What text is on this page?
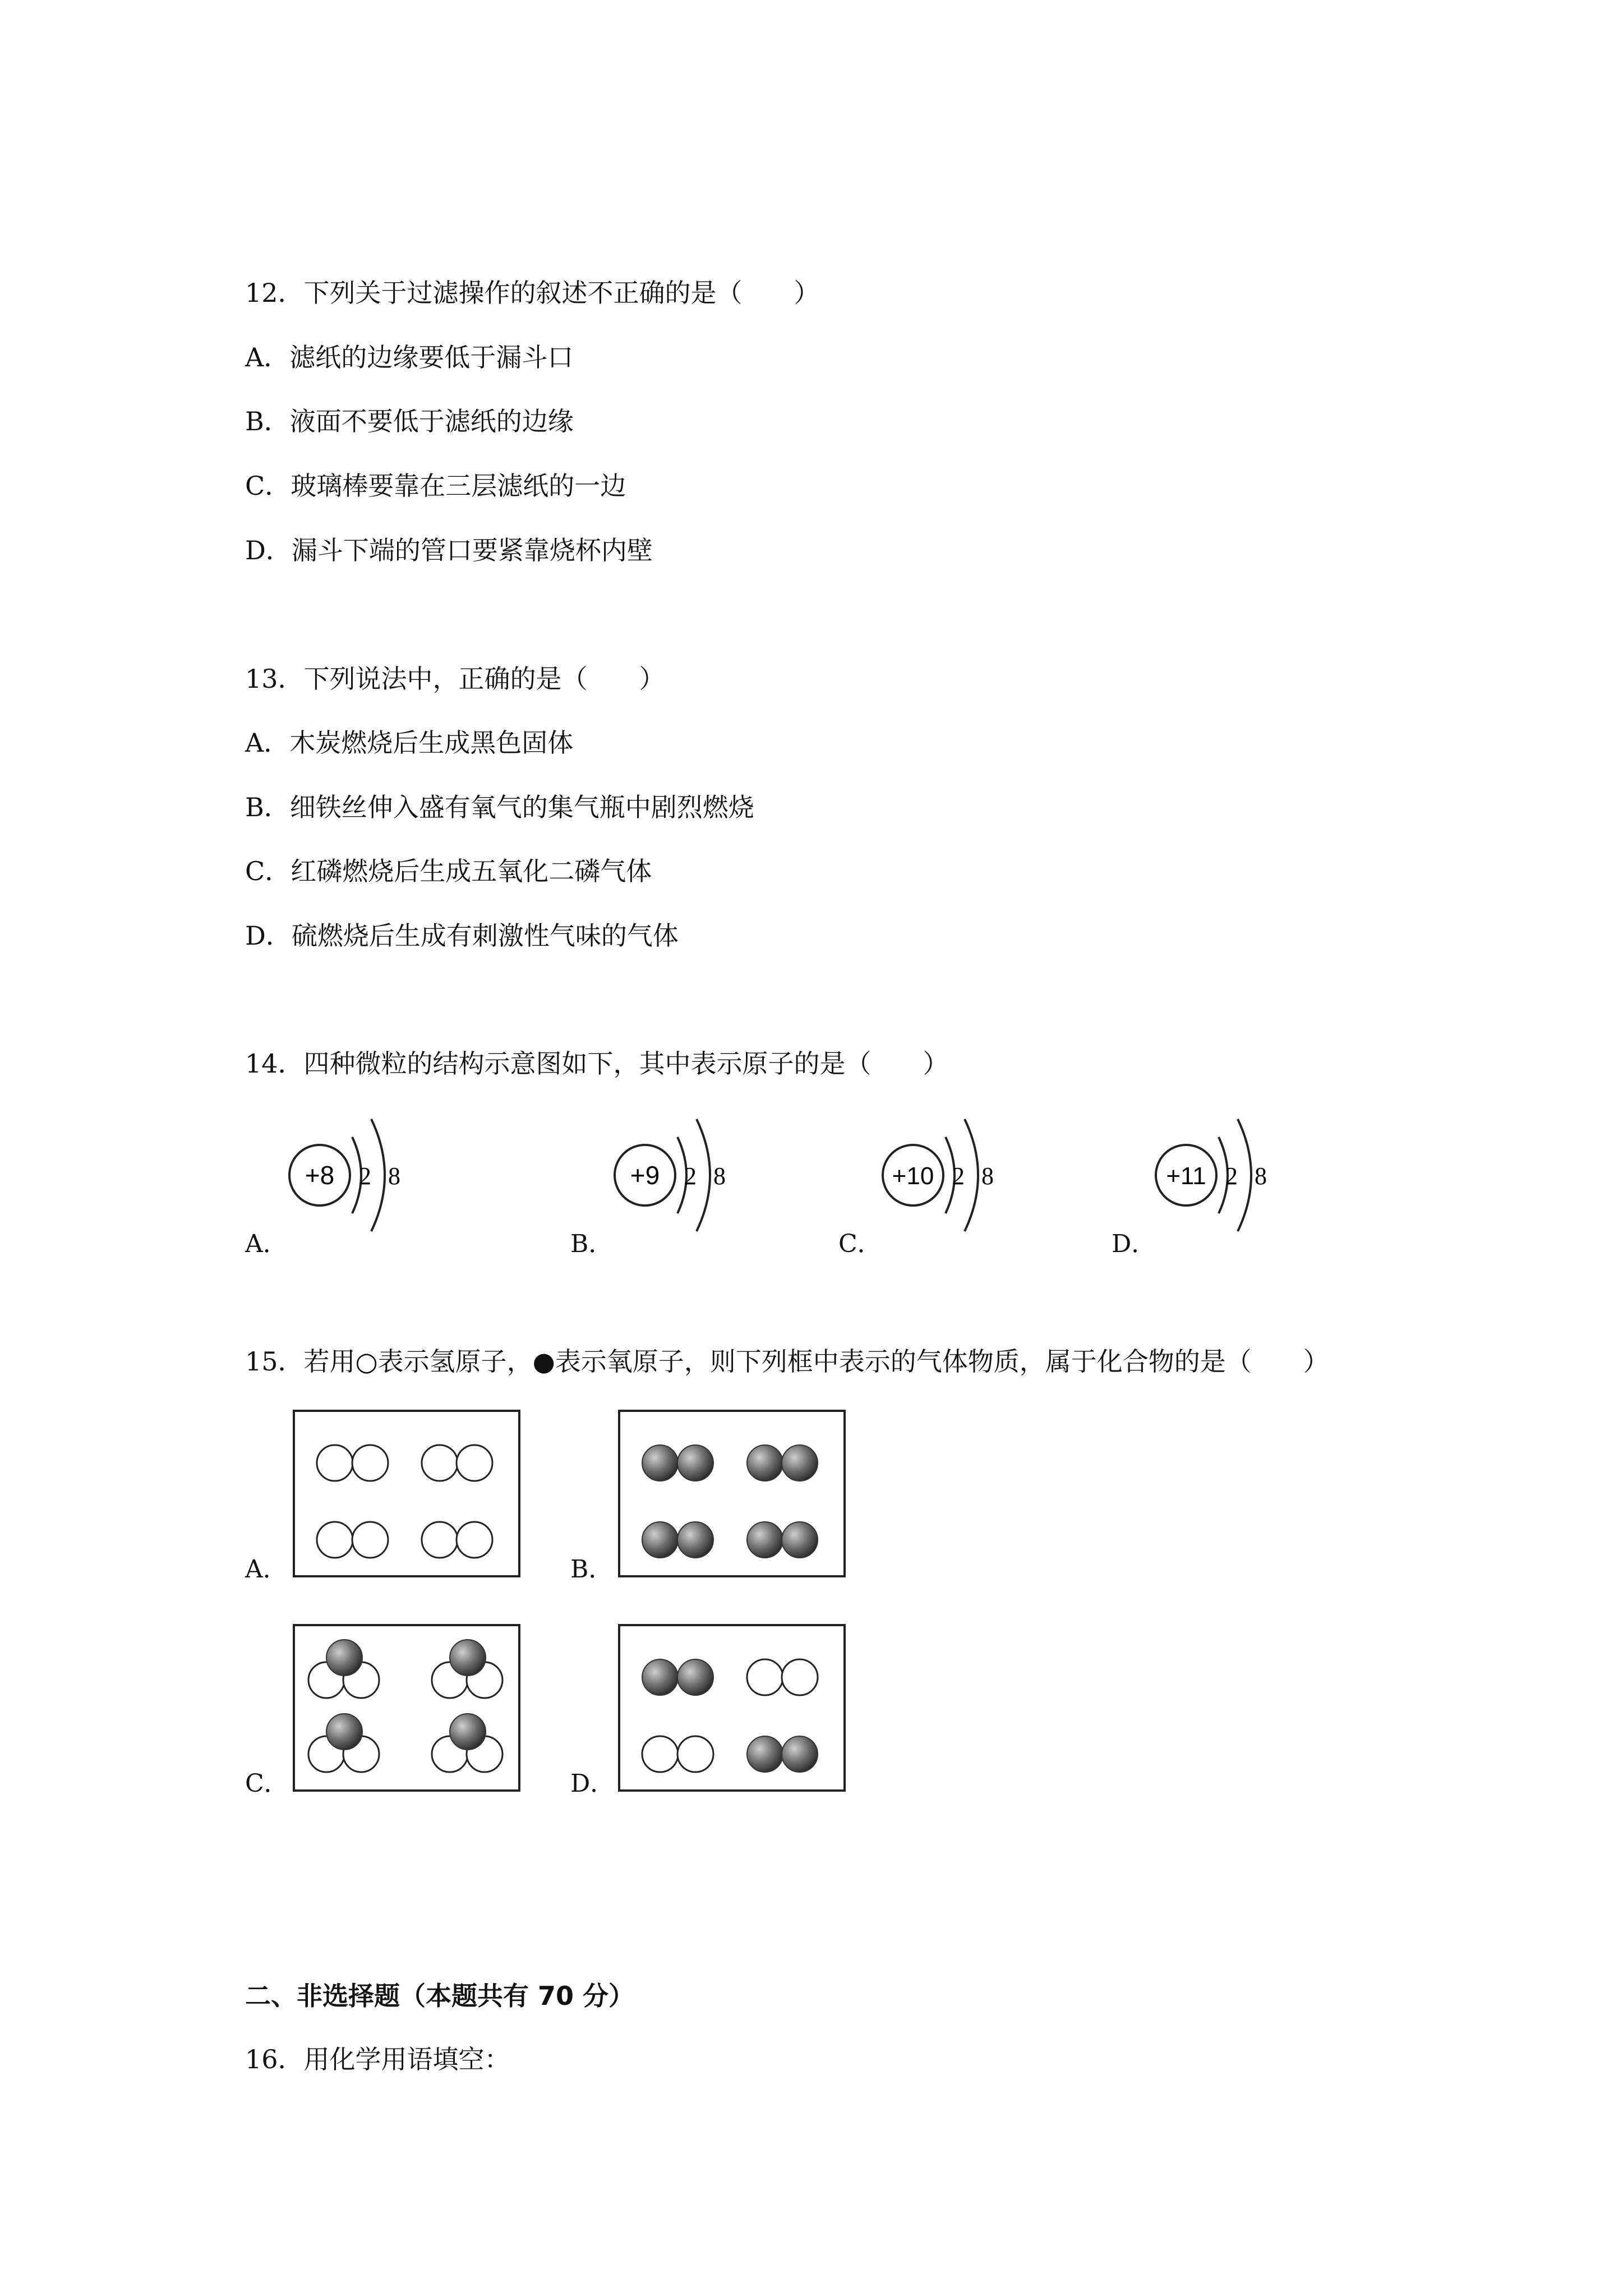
12．下列关于过滤操作的叙述不正确的是（　　）
A．滤纸的边缘要低于漏斗口
B．液面不要低于滤纸的边缘
C．玻璃棒要靠在三层滤纸的一边
D．漏斗下端的管口要紧靠烧杯内壁
13．下列说法中，正确的是（　　）
A．木炭燃烧后生成黑色固体
B．细铁丝伸入盛有氧气的集气瓶中剧烈燃烧
C．红磷燃烧后生成五氧化二磷气体
D．硫燃烧后生成有刺激性气味的气体
14．四种微粒的结构示意图如下，其中表示原子的是（　　）
A．
+8 2 8
B．
+9 2 8
C．
+10 2 8
D．
+11 2 8
15．若用○表示氢原子，●表示氧原子，则下列框中表示的气体物质，属于化合物的是（　　）
A．	B．
C．	D．
二、非选择题（本题共有 70 分）
16．用化学用语填空：
